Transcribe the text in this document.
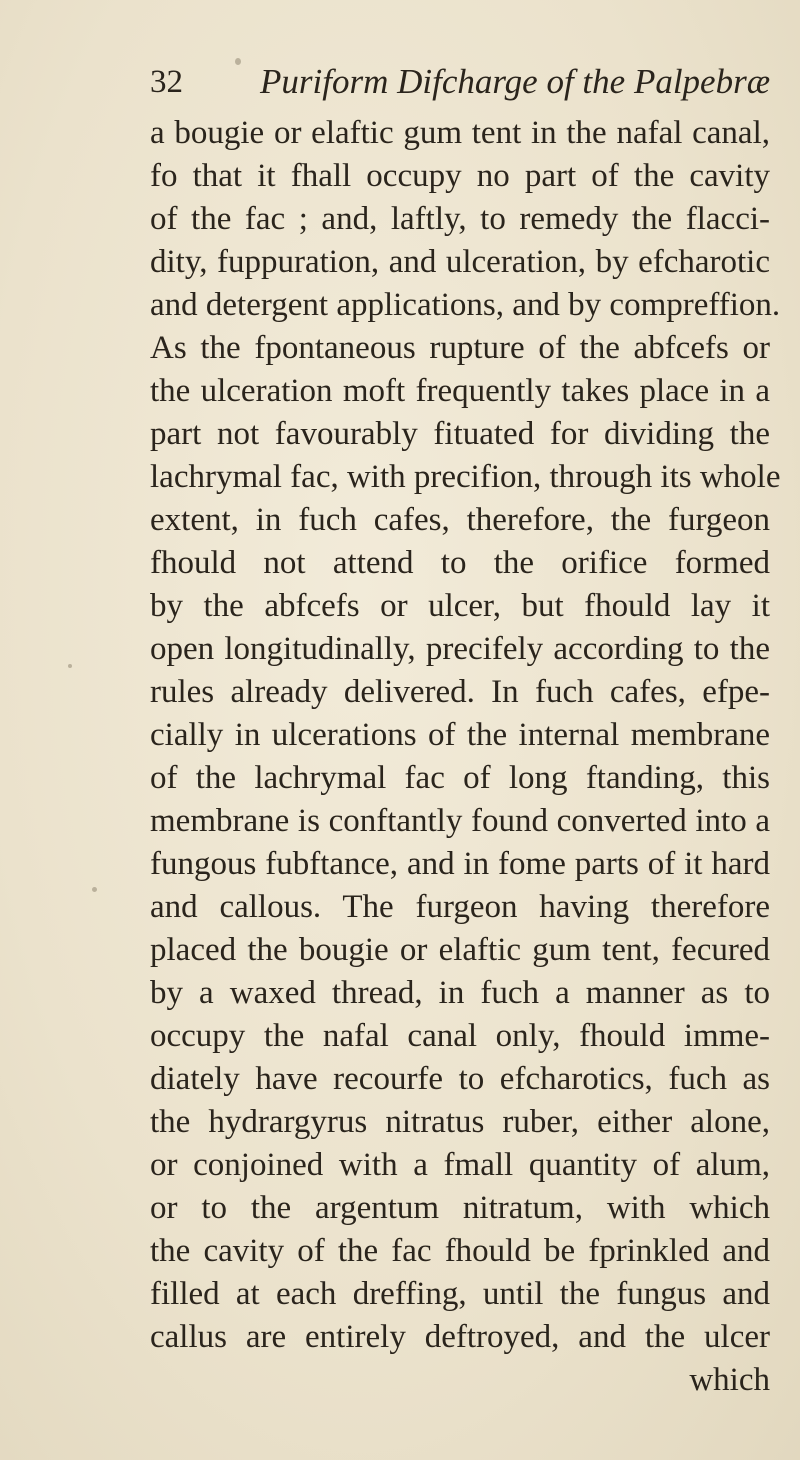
32 Puriform Difcharge of the Palpebræ
a bougie or elaftic gum tent in the nafal canal,
fo that it fhall occupy no part of the cavity
of the fac ; and, laftly, to remedy the flacci-
dity, fuppuration, and ulceration, by efcharotic
and detergent applications, and by compreffion.
As the fpontaneous rupture of the abfcefs or
the ulceration moft frequently takes place in a
part not favourably fituated for dividing the
lachrymal fac, with precifion, through its whole
extent, in fuch cafes, therefore, the furgeon
fhould not attend to the orifice formed
by the abfcefs or ulcer, but fhould lay it
open longitudinally, precifely according to the
rules already delivered. In fuch cafes, efpe-
cially in ulcerations of the internal membrane
of the lachrymal fac of long ftanding, this
membrane is conftantly found converted into a
fungous fubftance, and in fome parts of it hard
and callous. The furgeon having therefore
placed the bougie or elaftic gum tent, fecured
by a waxed thread, in fuch a manner as to
occupy the nafal canal only, fhould imme-
diately have recourfe to efcharotics, fuch as
the hydrargyrus nitratus ruber, either alone,
or conjoined with a fmall quantity of alum,
or to the argentum nitratum, with which
the cavity of the fac fhould be fprinkled and
filled at each dreffing, until the fungus and
callus are entirely deftroyed, and the ulcer
which
